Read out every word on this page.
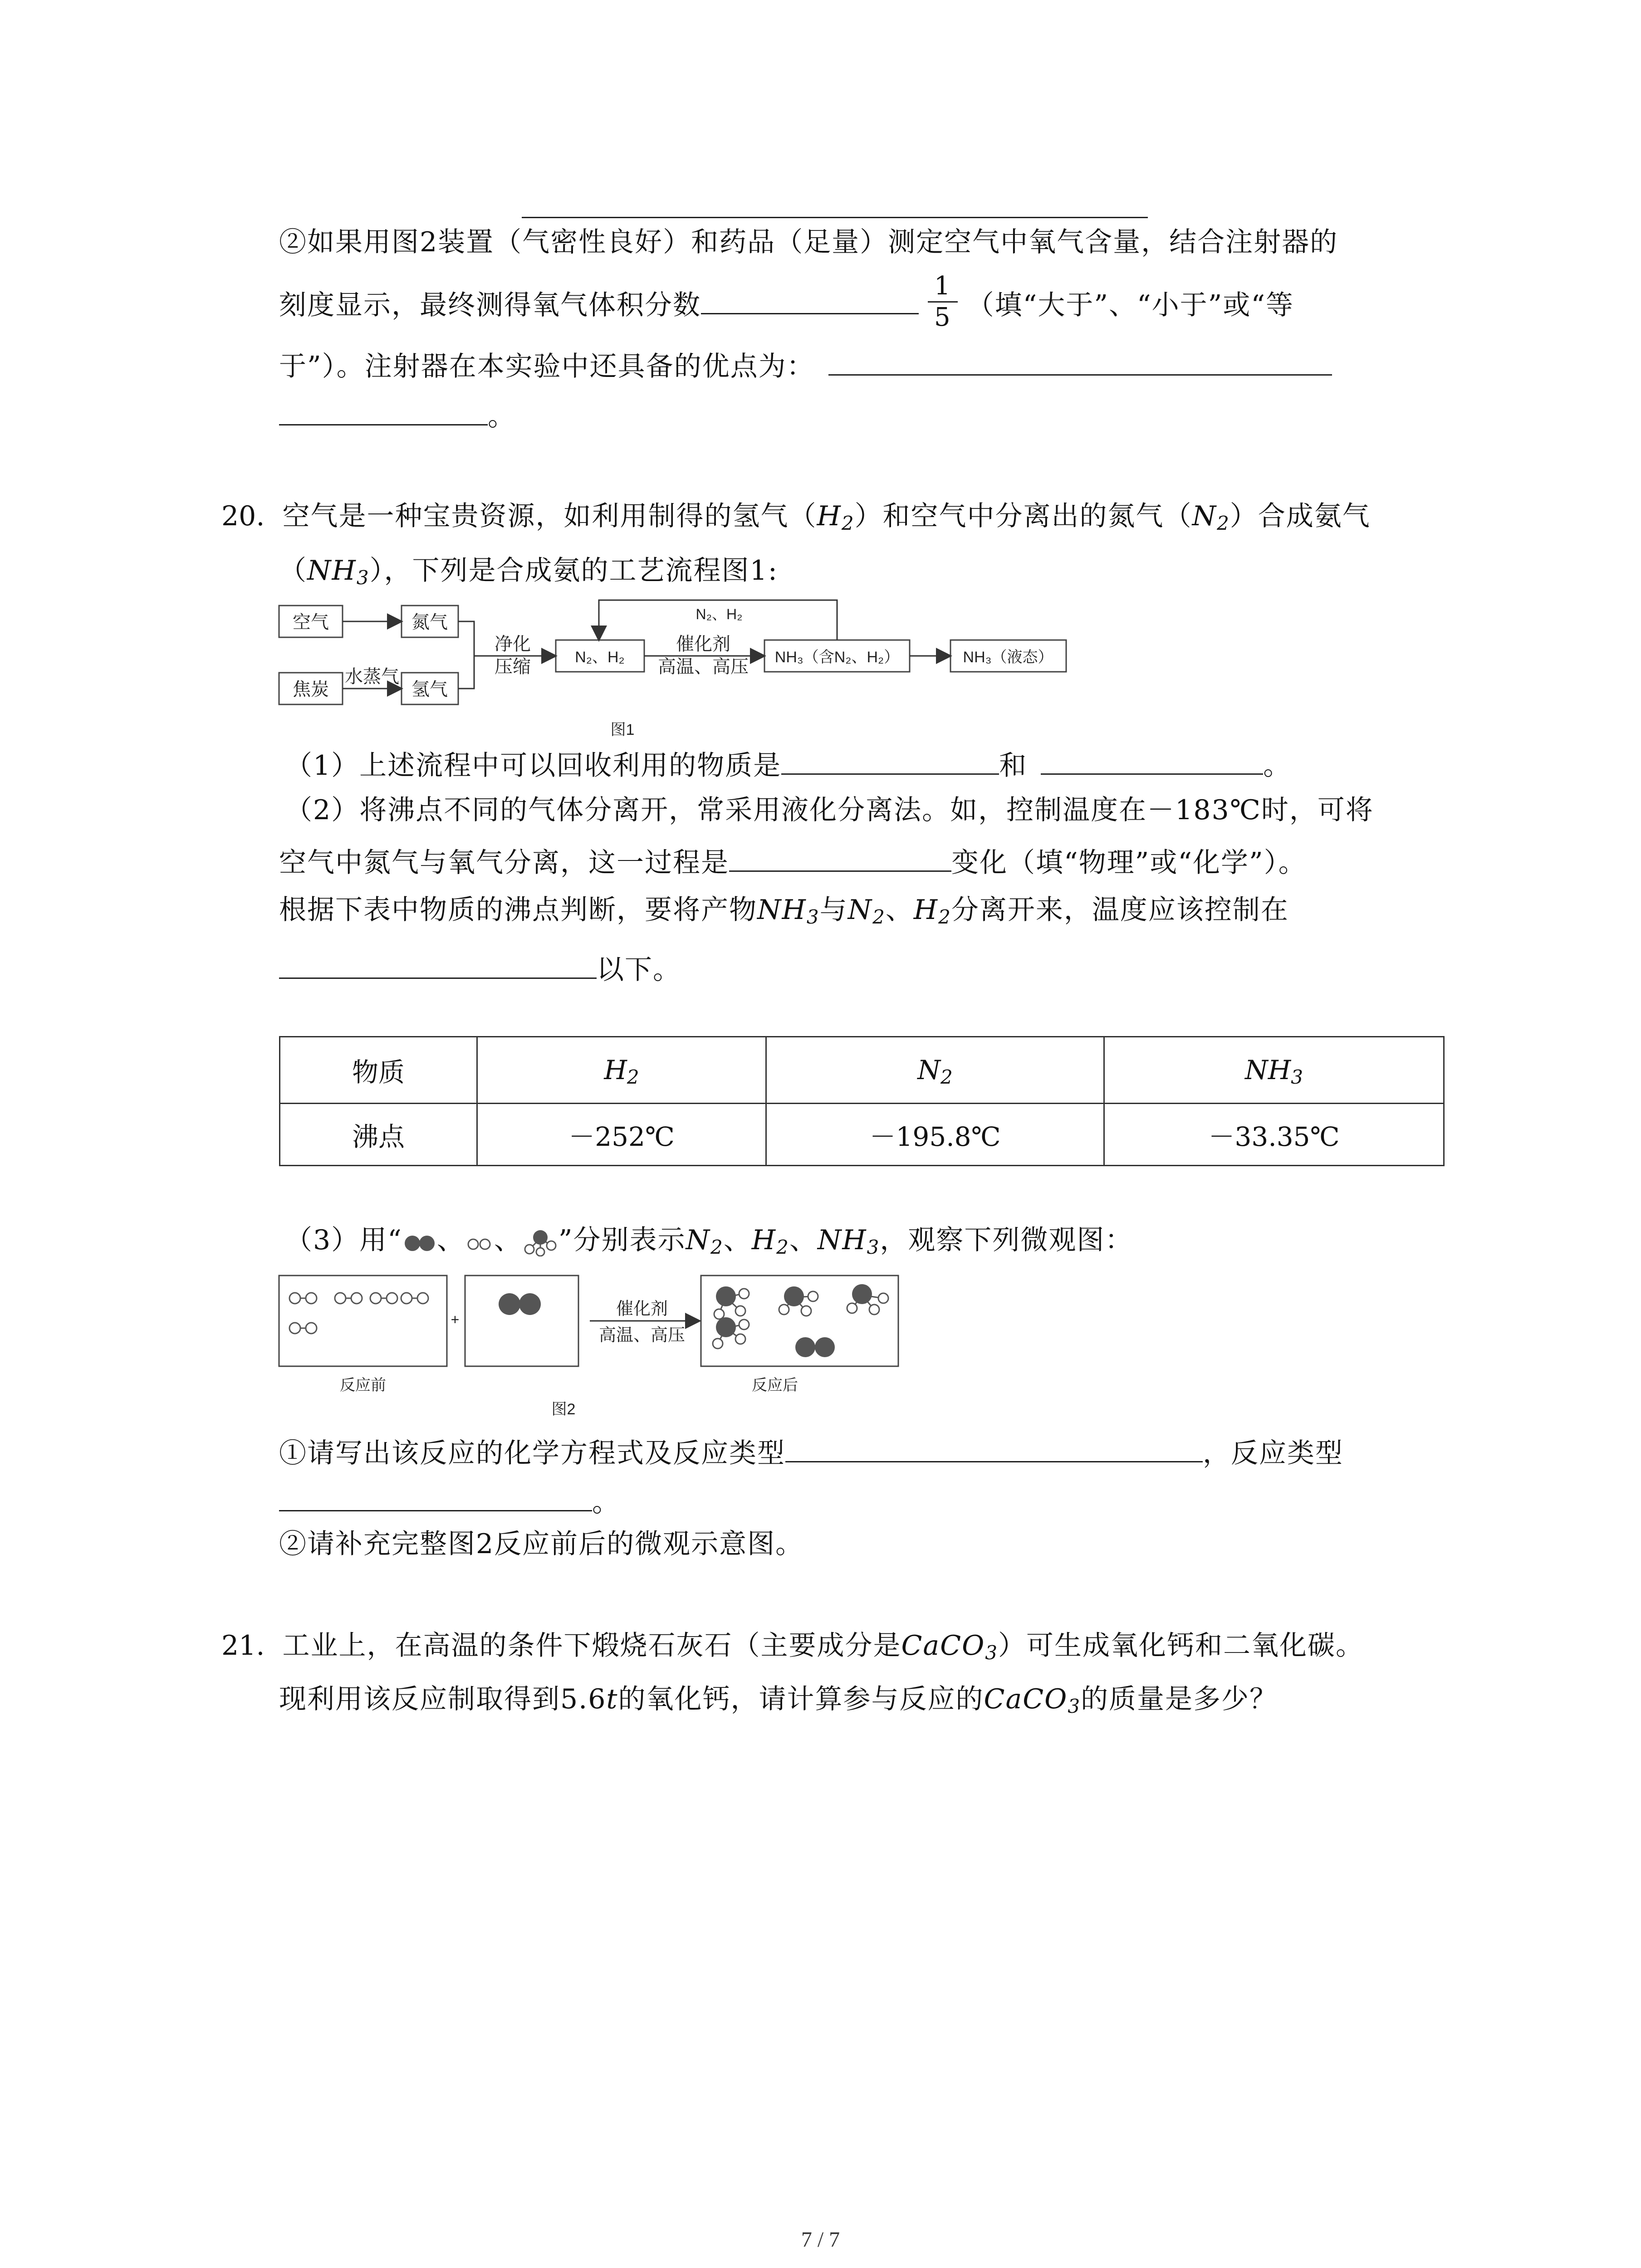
②如果用图2装置（气密性良好）和药品（足量）测定空气中氧气含量，结合注射器的
刻度显示，最终测得氧气体积分数	$\frac{1}{5}$ （填“大于”、“小于”或“等
于”）。注射器在本实验中还具备的优点为：
。
20. 空气是一种宝贵资源，如利用制得的氢气$(H_2)$和空气中分离出的氮气$(N_2)$合成氨气
$(NH_3)$，下列是合成氨的工艺流程图1:
空气	氮气
焦炭
水蒸气
氢气
净化
压缩	N₂、H₂
N₂、H₂
催化剂
高温、高压 NH₃（含N₂、H₂）	NH₃（液态）
图1
（1）上述流程中可以回收利用的物质是	和	。
（2）将沸点不同的气体分离开，常采用液化分离法。如，控制温度在－183℃时，可将
空气中氮气与氧气分离，这一过程是	变化（填“物理”或“化学”）。
根据下表中物质的沸点判断，要将产物$NH_3$与$N_2$、$H_2$分离开来，温度应该控制在
以下。
物质	$H_2$	$N_2$	$NH_3$
沸点	－252℃	－195.8℃	－33.35℃
（3）用“ 、 、 ”分别表示$N_2$、$H_2$、$NH_3$，观察下列微观图：
+
催化剂
高温、高压
反应前	反应后
图2
①请写出该反应的化学方程式及反应类型	，反应类型
。
②请补充完整图2反应前后的微观示意图。
21. 工业上，在高温的条件下煅烧石灰石（主要成分是CaCO$_3$）可生成氧化钙和二氧化碳。
现利用该反应制取得到5.6t的氧化钙，请计算参与反应的CaCO$_3$的质量是多少？
7 / 7
